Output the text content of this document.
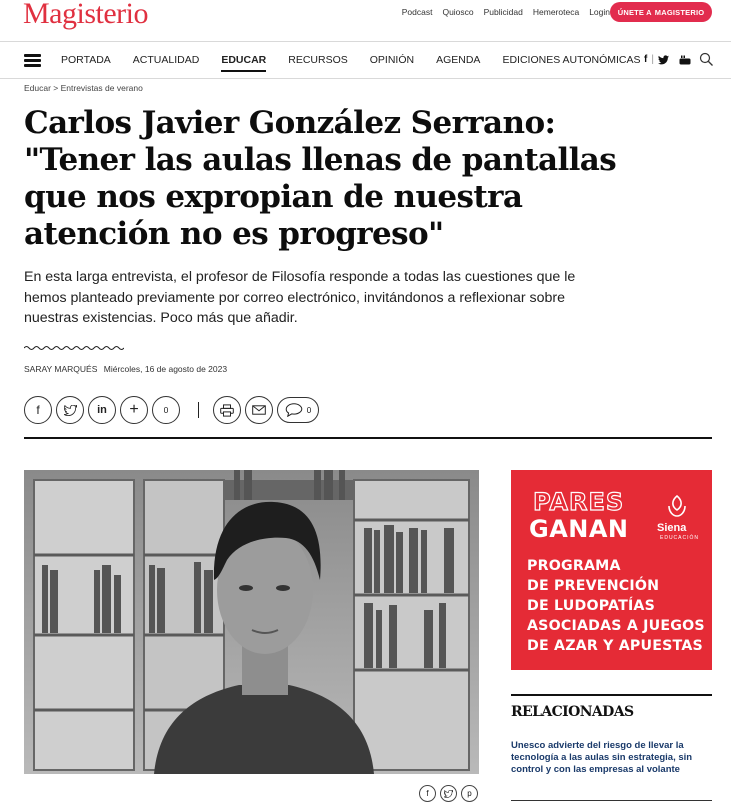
Magisterio	Podcast Quiosco Publicidad Hemeroteca Login ÚNETE A MAGISTERIO
PORTADA ACTUALIDAD EDUCAR RECURSOS OPINIÓN AGENDA EDICIONES AUTONÓMICAS f |
Educar > Entrevistas de verano
Carlos Javier González Serrano: "Tener las aulas llenas de pantallas que nos expropian de nuestra atención no es progreso"

En esta larga entrevista, el profesor de Filosofía responde a todas las cuestiones que le hemos planteado previamente por correo electrónico, invitándonos a reflexionar sobre nuestras existencias. Poco más que añadir.

SARAY MARQUÉS Miércoles, 16 de agosto de 2023
f	in	+	0	0
f	p
PARES
GANAN	Siena
EDUCACIÓN
PROGRAMA
DE PREVENCIÓN
DE LUDOPATÍAS
ASOCIADAS A JUEGOS
DE AZAR Y APUESTAS
RELACIONADAS
Unesco advierte del riesgo de llevar la tecnología a las aulas sin estrategia, sin control y con las empresas al volante
